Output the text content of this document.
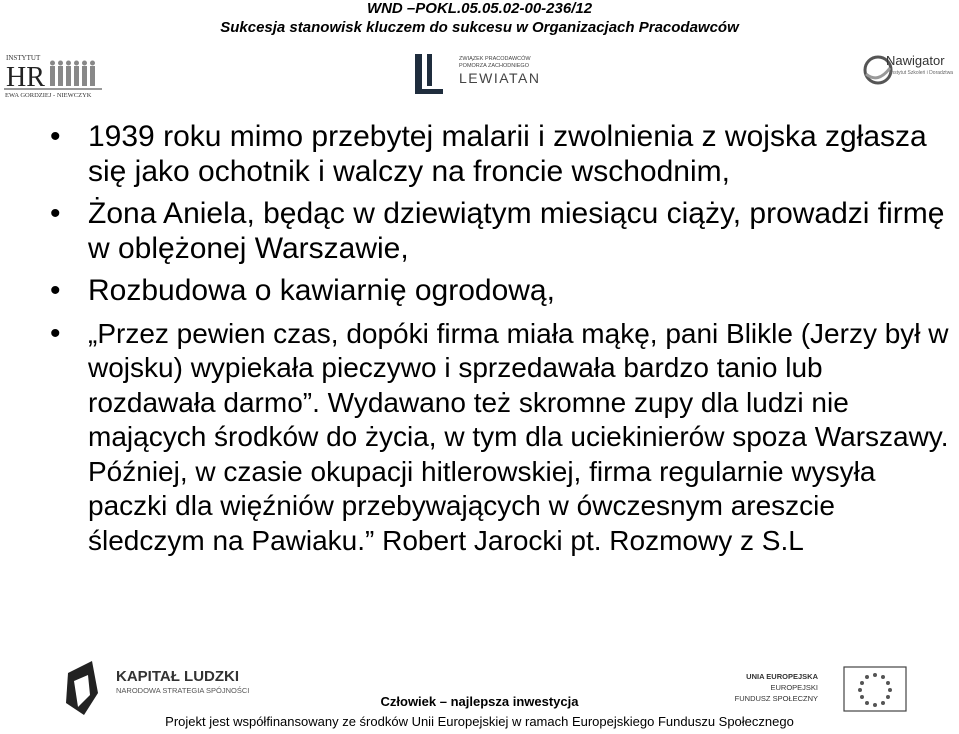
WND –POKL.05.05.02-00-236/12
Sukcesja stanowisk kluczem do sukcesu w Organizacjach Pracodawców
INSTYTUT
HR
EWA GORDZIEJ - NIEWCZYK
ZWIĄZEK PRACODAWCÓW
POMORZA ZACHODNIEGO
LEWIATAN
Nawigator
Instytut Szkoleń i Doradztwa
• 1939 roku mimo przebytej malarii i zwolnienia z wojska zgłasza się jako ochotnik i walczy na froncie wschodnim,
• Żona Aniela, będąc w dziewiątym miesiącu ciąży, prowadzi firmę w oblężonej Warszawie,
• Rozbudowa o kawiarnię ogrodową,
• „Przez pewien czas, dopóki firma miała mąkę, pani Blikle (Jerzy był w wojsku) wypiekała pieczywo i sprzedawała bardzo tanio lub rozdawała darmo”. Wydawano też skromne zupy dla ludzi nie mających środków do życia, w tym dla uciekinierów spoza Warszawy. Później, w czasie okupacji hitlerowskiej, firma regularnie wysyła paczki dla więźniów przebywających w ówczesnym areszcie śledczym na Pawiaku.” Robert Jarocki pt. Rozmowy z S.L
KAPITAŁ LUDZKI
NARODOWA STRATEGIA SPÓJNOŚCI
UNIA EUROPEJSKA
EUROPEJSKI
FUNDUSZ SPOŁECZNY
Człowiek – najlepsza inwestycja
Projekt jest współfinansowany ze środków Unii Europejskiej w ramach Europejskiego Funduszu Społecznego
